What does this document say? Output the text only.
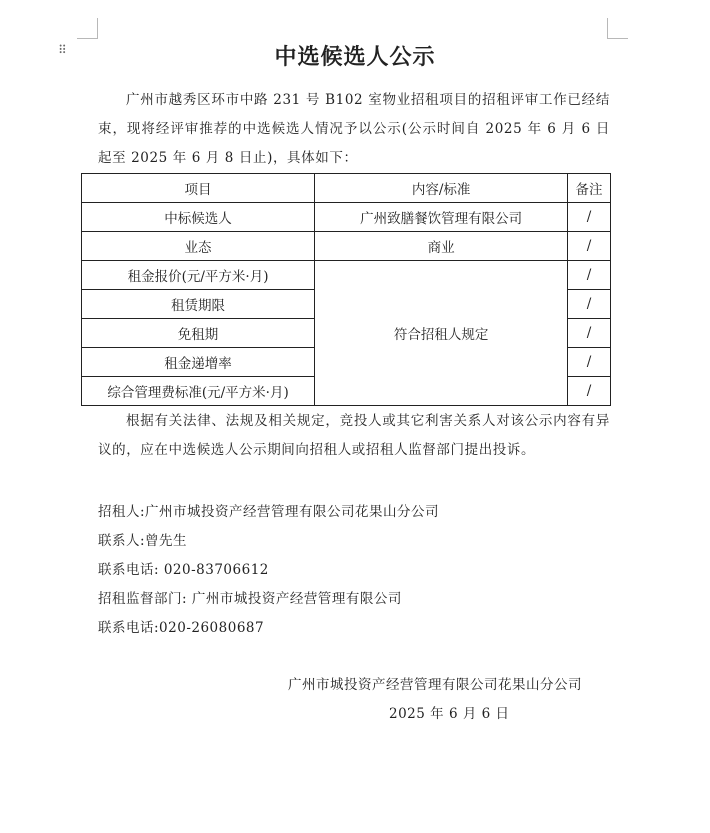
⠿	中选候选人公示
广州市越秀区环市中路 231 号 B102 室物业招租项目的招租评审工作已经结束，现将经评审推荐的中选候选人情况予以公示(公示时间自 2025 年 6 月 6 日起至 2025 年 6 月 8 日止)，具体如下：
项目	内容/标准	备注
中标候选人	广州致膳餐饮管理有限公司	/
业态	商业	/
租金报价(元/平方米·月)	符合招租人规定	/
租赁期限		/
免租期		/
租金递增率		/
综合管理费标准(元/平方米·月)		/
根据有关法律、法规及相关规定，竞投人或其它利害关系人对该公示内容有异议的，应在中选候选人公示期间向招租人或招租人监督部门提出投诉。
招租人:广州市城投资产经营管理有限公司花果山分公司
联系人:曾先生
联系电话: 020-83706612
招租监督部门: 广州市城投资产经营管理有限公司
联系电话:020-26080687
广州市城投资产经营管理有限公司花果山分公司
2025 年 6 月 6 日
